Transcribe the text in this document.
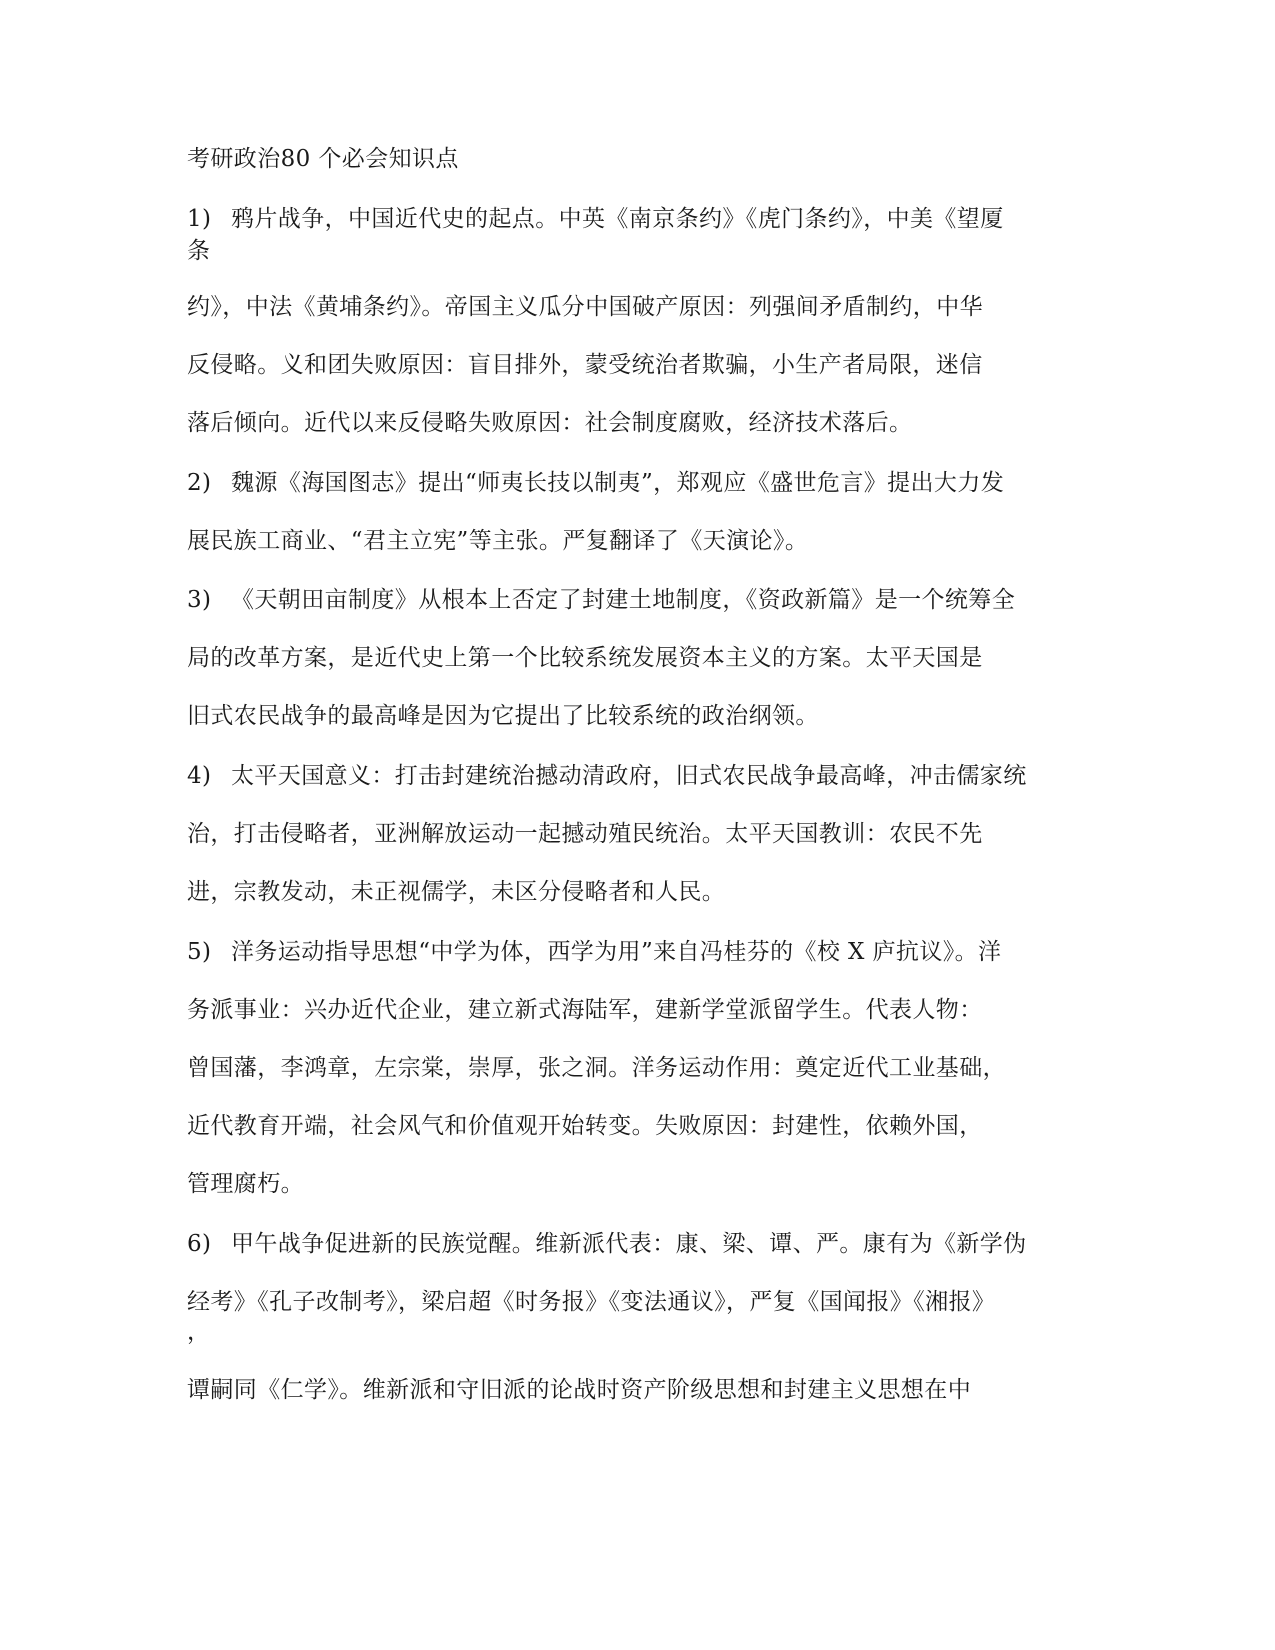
考研政治80 个必会知识点
1) 鸦片战争，中国近代史的起点。中英《南京条约》《虎门条约》，中美《望厦
条
约》，中法《黄埔条约》。帝国主义瓜分中国破产原因：列强间矛盾制约，中华
反侵略。义和团失败原因：盲目排外，蒙受统治者欺骗，小生产者局限，迷信
落后倾向。近代以来反侵略失败原因：社会制度腐败，经济技术落后。
2) 魏源《海国图志》提出“师夷长技以制夷”，郑观应《盛世危言》提出大力发
展民族工商业、“君主立宪”等主张。严复翻译了《天演论》。
3) 《天朝田亩制度》从根本上否定了封建土地制度，《资政新篇》是一个统筹全
局的改革方案，是近代史上第一个比较系统发展资本主义的方案。太平天国是
旧式农民战争的最高峰是因为它提出了比较系统的政治纲领。
4) 太平天国意义：打击封建统治撼动清政府，旧式农民战争最高峰，冲击儒家统
治，打击侵略者，亚洲解放运动一起撼动殖民统治。太平天国教训：农民不先
进，宗教发动，未正视儒学，未区分侵略者和人民。
5) 洋务运动指导思想“中学为体，西学为用”来自冯桂芬的《校 X 庐抗议》。洋
务派事业：兴办近代企业，建立新式海陆军，建新学堂派留学生。代表人物：
曾国藩，李鸿章，左宗棠，崇厚，张之洞。洋务运动作用：奠定近代工业基础，
近代教育开端，社会风气和价值观开始转变。失败原因：封建性，依赖外国，
管理腐朽。
6) 甲午战争促进新的民族觉醒。维新派代表：康、梁、谭、严。康有为《新学伪
经考》《孔子改制考》，梁启超《时务报》《变法通议》，严复《国闻报》《湘报》
，
谭嗣同《仁学》。维新派和守旧派的论战时资产阶级思想和封建主义思想在中
